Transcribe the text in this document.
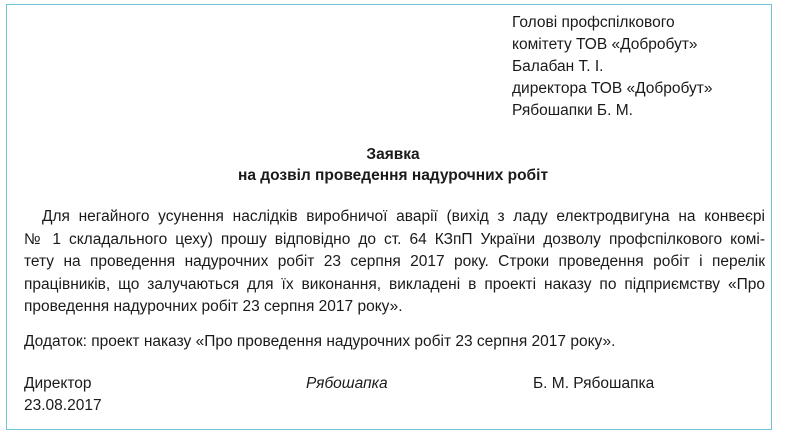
Голові профспілкового
комітету ТОВ «Добробут»
Балабан Т. І.
директора ТОВ «Добробут»
Рябошапки Б. М.
Заявка
на дозвіл проведення надурочних робіт
Для негайного усунення наслідків виробничої аварії (вихід з ладу електродвигуна на конвеєрі
№ 1 складального цеху) прошу відповідно до ст. 64 КЗпП України дозволу профспілкового комі-
тету на проведення надурочних робіт 23 серпня 2017 року. Строки проведення робіт і перелік
працівників, що залучаються для їх виконання, викладені в проекті наказу по підприємству «Про
проведення надурочних робіт 23 серпня 2017 року».
Додаток: проект наказу «Про проведення надурочних робіт 23 серпня 2017 року».
Директор
23.08.2017
Рябошапка	Б. М. Рябошапка
